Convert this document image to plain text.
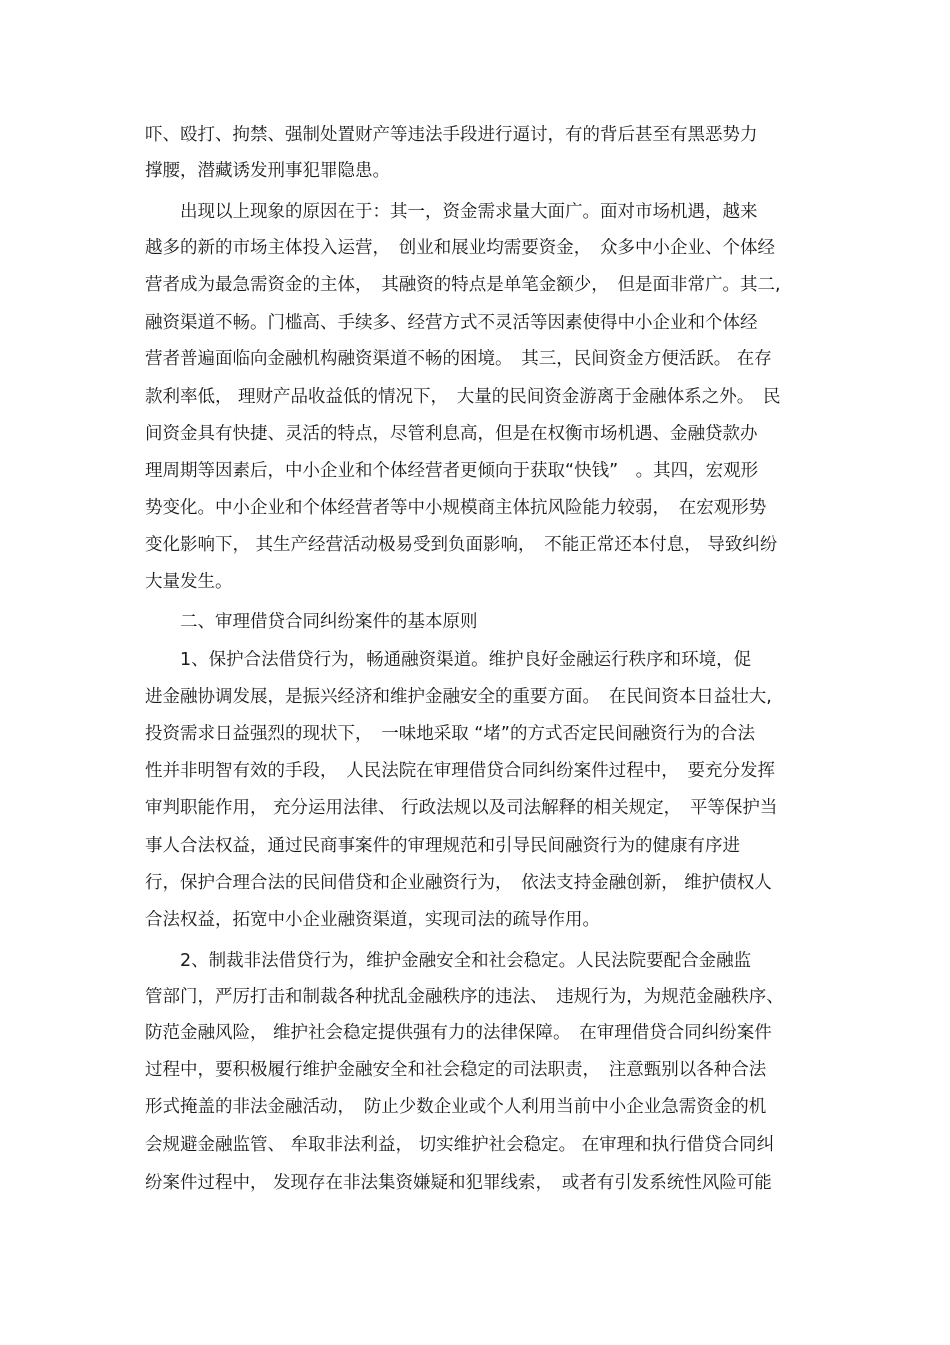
吓、殴打、拘禁、强制处置财产等违法手段进行逼讨，有的背后甚至有黑恶势力
撑腰，潜藏诱发刑事犯罪隐患。
　　出现以上现象的原因在于：其一，资金需求量大面广。面对市场机遇，越来
越多的新的市场主体投入运营，　创业和展业均需要资金，　众多中小企业、个体经
营者成为最急需资金的主体，　其融资的特点是单笔金额少，　但是面非常广。其二,
融资渠道不畅。门槛高、手续多、经营方式不灵活等因素使得中小企业和个体经
营者普遍面临向金融机构融资渠道不畅的困境。　其三，民间资金方便活跃。 在存
款利率低， 理财产品收益低的情况下，　大量的民间资金游离于金融体系之外。　民
间资金具有快捷、灵活的特点，尽管利息高，但是在权衡市场机遇、金融贷款办
理周期等因素后，中小企业和个体经营者更倾向于获取“快钱”　。其四，宏观形
势变化。中小企业和个体经营者等中小规模商主体抗风险能力较弱，　在宏观形势
变化影响下， 其生产经营活动极易受到负面影响，　不能正常还本付息， 导致纠纷
大量发生。
　　二、审理借贷合同纠纷案件的基本原则
　　1、保护合法借贷行为，畅通融资渠道。维护良好金融运行秩序和环境，促
进金融协调发展，是振兴经济和维护金融安全的重要方面。　在民间资本日益壮大,
投资需求日益强烈的现状下，　一味地采取 “堵”的方式否定民间融资行为的合法
性并非明智有效的手段，　人民法院在审理借贷合同纠纷案件过程中，　要充分发挥
审判职能作用， 充分运用法律、 行政法规以及司法解释的相关规定，　平等保护当
事人合法权益，通过民商事案件的审理规范和引导民间融资行为的健康有序进
行，保护合理合法的民间借贷和企业融资行为，　依法支持金融创新， 维护债权人
合法权益，拓宽中小企业融资渠道，实现司法的疏导作用。
　　2、制裁非法借贷行为，维护金融安全和社会稳定。人民法院要配合金融监
管部门，严厉打击和制裁各种扰乱金融秩序的违法、　违规行为，为规范金融秩序、
防范金融风险， 维护社会稳定提供强有力的法律保障。　在审理借贷合同纠纷案件
过程中，要积极履行维护金融安全和社会稳定的司法职责，　注意甄别以各种合法
形式掩盖的非法金融活动，　防止少数企业或个人利用当前中小企业急需资金的机
会规避金融监管、 牟取非法利益， 切实维护社会稳定。 在审理和执行借贷合同纠
纷案件过程中， 发现存在非法集资嫌疑和犯罪线索，　或者有引发系统性风险可能
